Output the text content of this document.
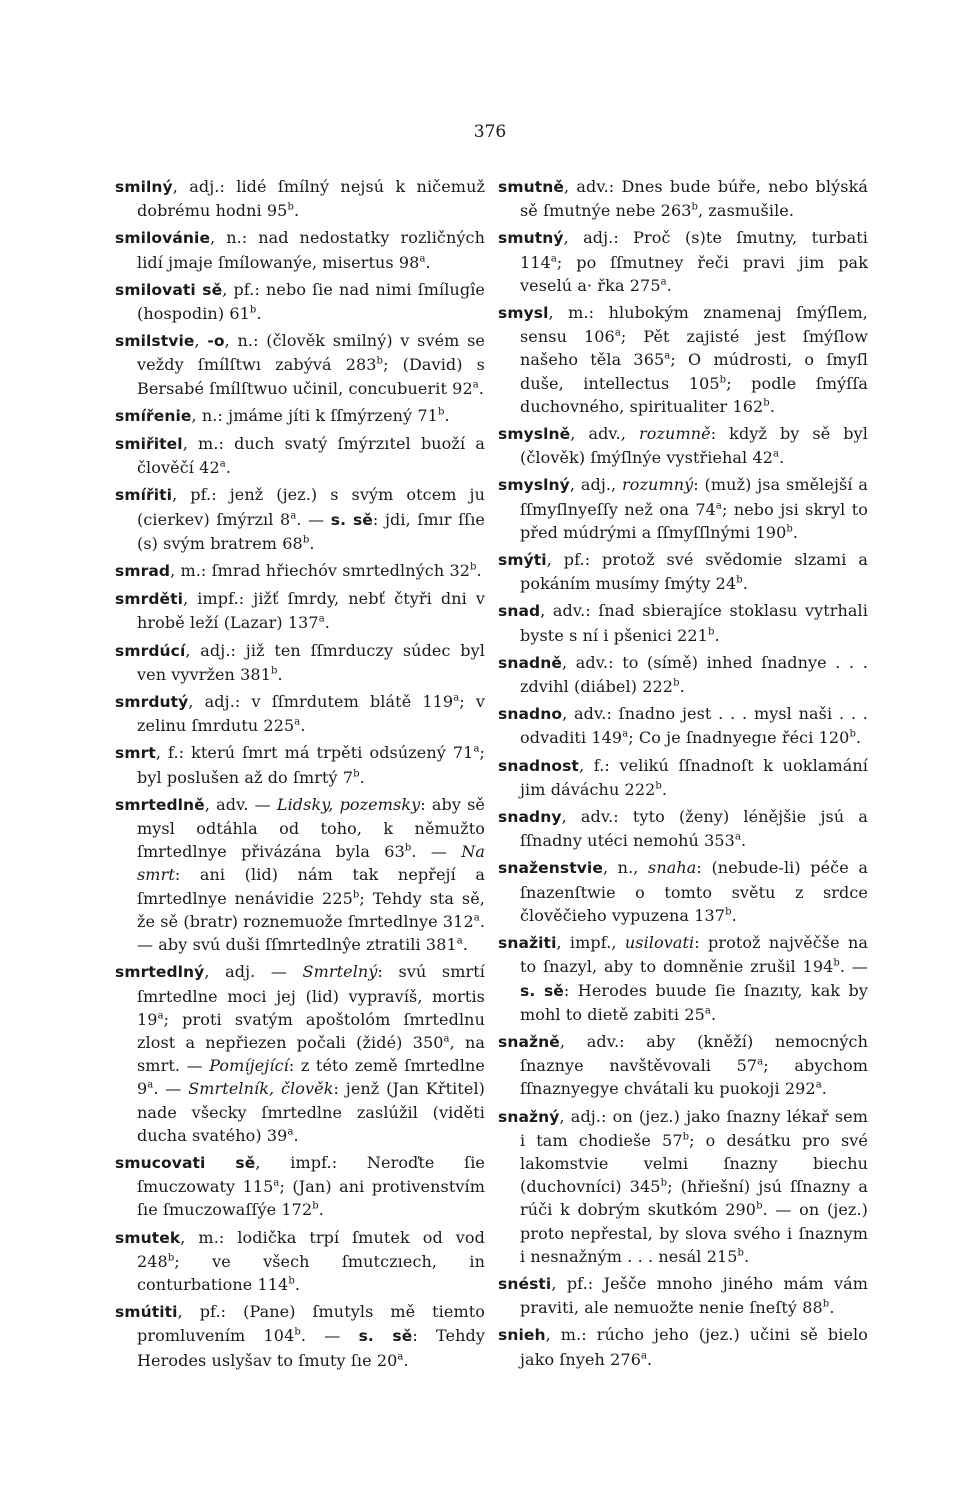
376

smilný, adj.: lidé ſmílný nejsú k ničemuž dobrému hodni 95$^b$.

smilovánie, n.: nad nedostatky rozličných lidí jmaje ſmílowanýe, misertus 98$^a$.

smilovati sě, pf.: nebo ſie nad nimi ſmílugîe (hospodin) 61$^b$.

smilstvie, -o, n.: (člověk smilný) v svém se veždy ſmílſtwı zabývá 283$^b$; (David) s Bersabé ſmílſtwuo učinil, concubuerit 92$^a$.

smířenie, n.: jmáme jíti k ſſmýrzený 71$^b$.

smiřitel, m.: duch svatý ſmýrzıtel buoží a člověčí 42$^a$.

smířiti, pf.: jenž (jez.) s svým otcem ju (cierkev) ſmýrzıl 8$^a$. — s. sě: jdi, ſmır ſſıe (s) svým bratrem 68$^b$.

smrad, m.: ſmrad hřiechóv smrtedlných 32$^b$.

smrděti, impf.: jižť ſmrdy, nebť čtyři dni v hrobě leží (Lazar) 137$^a$.

smrdúcí, adj.: již ten ſſmrduczy súdec byl ven vyvržen 381$^b$.

smrdutý, adj.: v ſſmrdutem blátě 119$^a$; v zelinu ſmrdutu 225$^a$.

smrt, f.: kterú ſmrt má trpěti odsúzený 71$^a$; byl poslušen až do ſmrtý 7$^b$.

smrtedlně, adv. — Lidsky, pozemsky: aby sě mysl odtáhla od toho, k němužto ſmrtedlnye přivázána byla 63$^b$. — Na smrt: ani (lid) nám tak nepřejí a ſmrtedlnye nenávidie 225$^b$; Tehdy sta sě, že sě (bratr) roznemuože ſmrtedlnye 312$^a$. — aby svú duši ſſmrtedlnŷe ztratili 381$^a$.

smrtedlný, adj. — Smrtelný: svú smrtí ſmrtedlne moci jej (lid) vypravíš, mortis 19$^a$; proti svatým apoštolóm ſmrtedlnu zlost a nepřiezen počali (židé) 350$^a$, na smrt. — Pomíjející: z této země ſmrtedlne 9$^a$. — Smrtelník, člověk: jenž (Jan Křtitel) nade všecky ſmrtedlne zaslúžil (viděti ducha svatého) 39$^a$.

smucovati sě, impf.: Neroďte ſie ſmuczowaty 115$^a$; (Jan) ani protivenstvím ſıe ſmuczowaſſýe 172$^b$.

smutek, m.: lodička trpí ſmutek od vod 248$^b$; ve všech ſmutczıech, in conturbatione 114$^b$.

smútiti, pf.: (Pane) ſmutyls mě tiemto promluvením 104$^b$. — s. sě: Tehdy Herodes uslyšav to ſmuty ſıe 20$^a$.

smutně, adv.: Dnes bude búře, nebo blýská sě ſmutnýe nebe 263$^b$, zasmušile.

smutný, adj.: Proč (s)te ſmutny, turbati 114$^a$; po ſſmutney řeči pravi jim pak veselú a· řka 275$^a$.

smysl, m.: hlubokým znamenaj ſmýſlem, sensu 106$^a$; Pět zajisté jest ſmýſlow našeho těla 365$^a$; O múdrosti, o ſmyſl duše, intellectus 105$^b$; podle ſmýſſa duchovného, spiritualiter 162$^b$.

smyslně, adv., rozumně: když by sě byl (člověk) ſmýſlnýe vystřiehal 42$^a$.

smyslný, adj., rozumný: (muž) jsa smělejší a ſſmyſlnyeſſy než ona 74$^a$; nebo jsi skryl to před múdrými a ſſmyſſlnými 190$^b$.

smýti, pf.: protož své svědomie slzami a pokáním musímy ſmýty 24$^b$.

snad, adv.: ſnad sbierajíce stoklasu vytrhali byste s ní i pšenici 221$^b$.

snadně, adv.: to (símě) inhed ſnadnye . . . zdvihl (diábel) 222$^b$.

snadno, adv.: ſnadno jest . . . mysl naši . . . odvaditi 149$^a$; Co je ſnadnyegıe řéci 120$^b$.

snadnost, f.: velikú ſſnadnoſt k uoklamání jim dáváchu 222$^b$.

snadny, adv.: tyto (ženy) léněj‌šie jsú a ſſnadny utéci nemohú 353$^a$.

snaženstvie, n., snaha: (nebude-li) péče a ſnazenſtwie o tomto světu z srdce člověčieho vypuzena 137$^b$.

snažiti, impf., usilovati: protož najvěčše na to ſnazyl, aby to domněnie zrušil 194$^b$. — s. sě: Herodes buude ſie ſnazıty, kak by mohl to dietě zabiti 25$^a$.

snažně, adv.: aby (kněží) nemocných ſnaznye navštěvovali 57$^a$; abychom ſſnaznyegye chvátali ku puokoji 292$^a$.

snažný, adj.: on (jez.) jako ſnazny lékař sem i tam chodieše 57$^b$; o desátku pro své lakomstvie velmi ſnazny biechu (duchovníci) 345$^b$; (hřiešní) jsú ſſnazny a rúči k dobrým skutkóm 290$^b$. — on (jez.) proto nepřestal, by slova svého i ſnaznym i nesnažným . . . nesál 215$^b$.

snésti, pf.: Ješče mnoho jiného mám vám praviti, ale nemuožte nenie ſneſtý 88$^b$.

snieh, m.: rúcho jeho (jez.) učini sě bielo jako ſnyeh 276$^a$.
